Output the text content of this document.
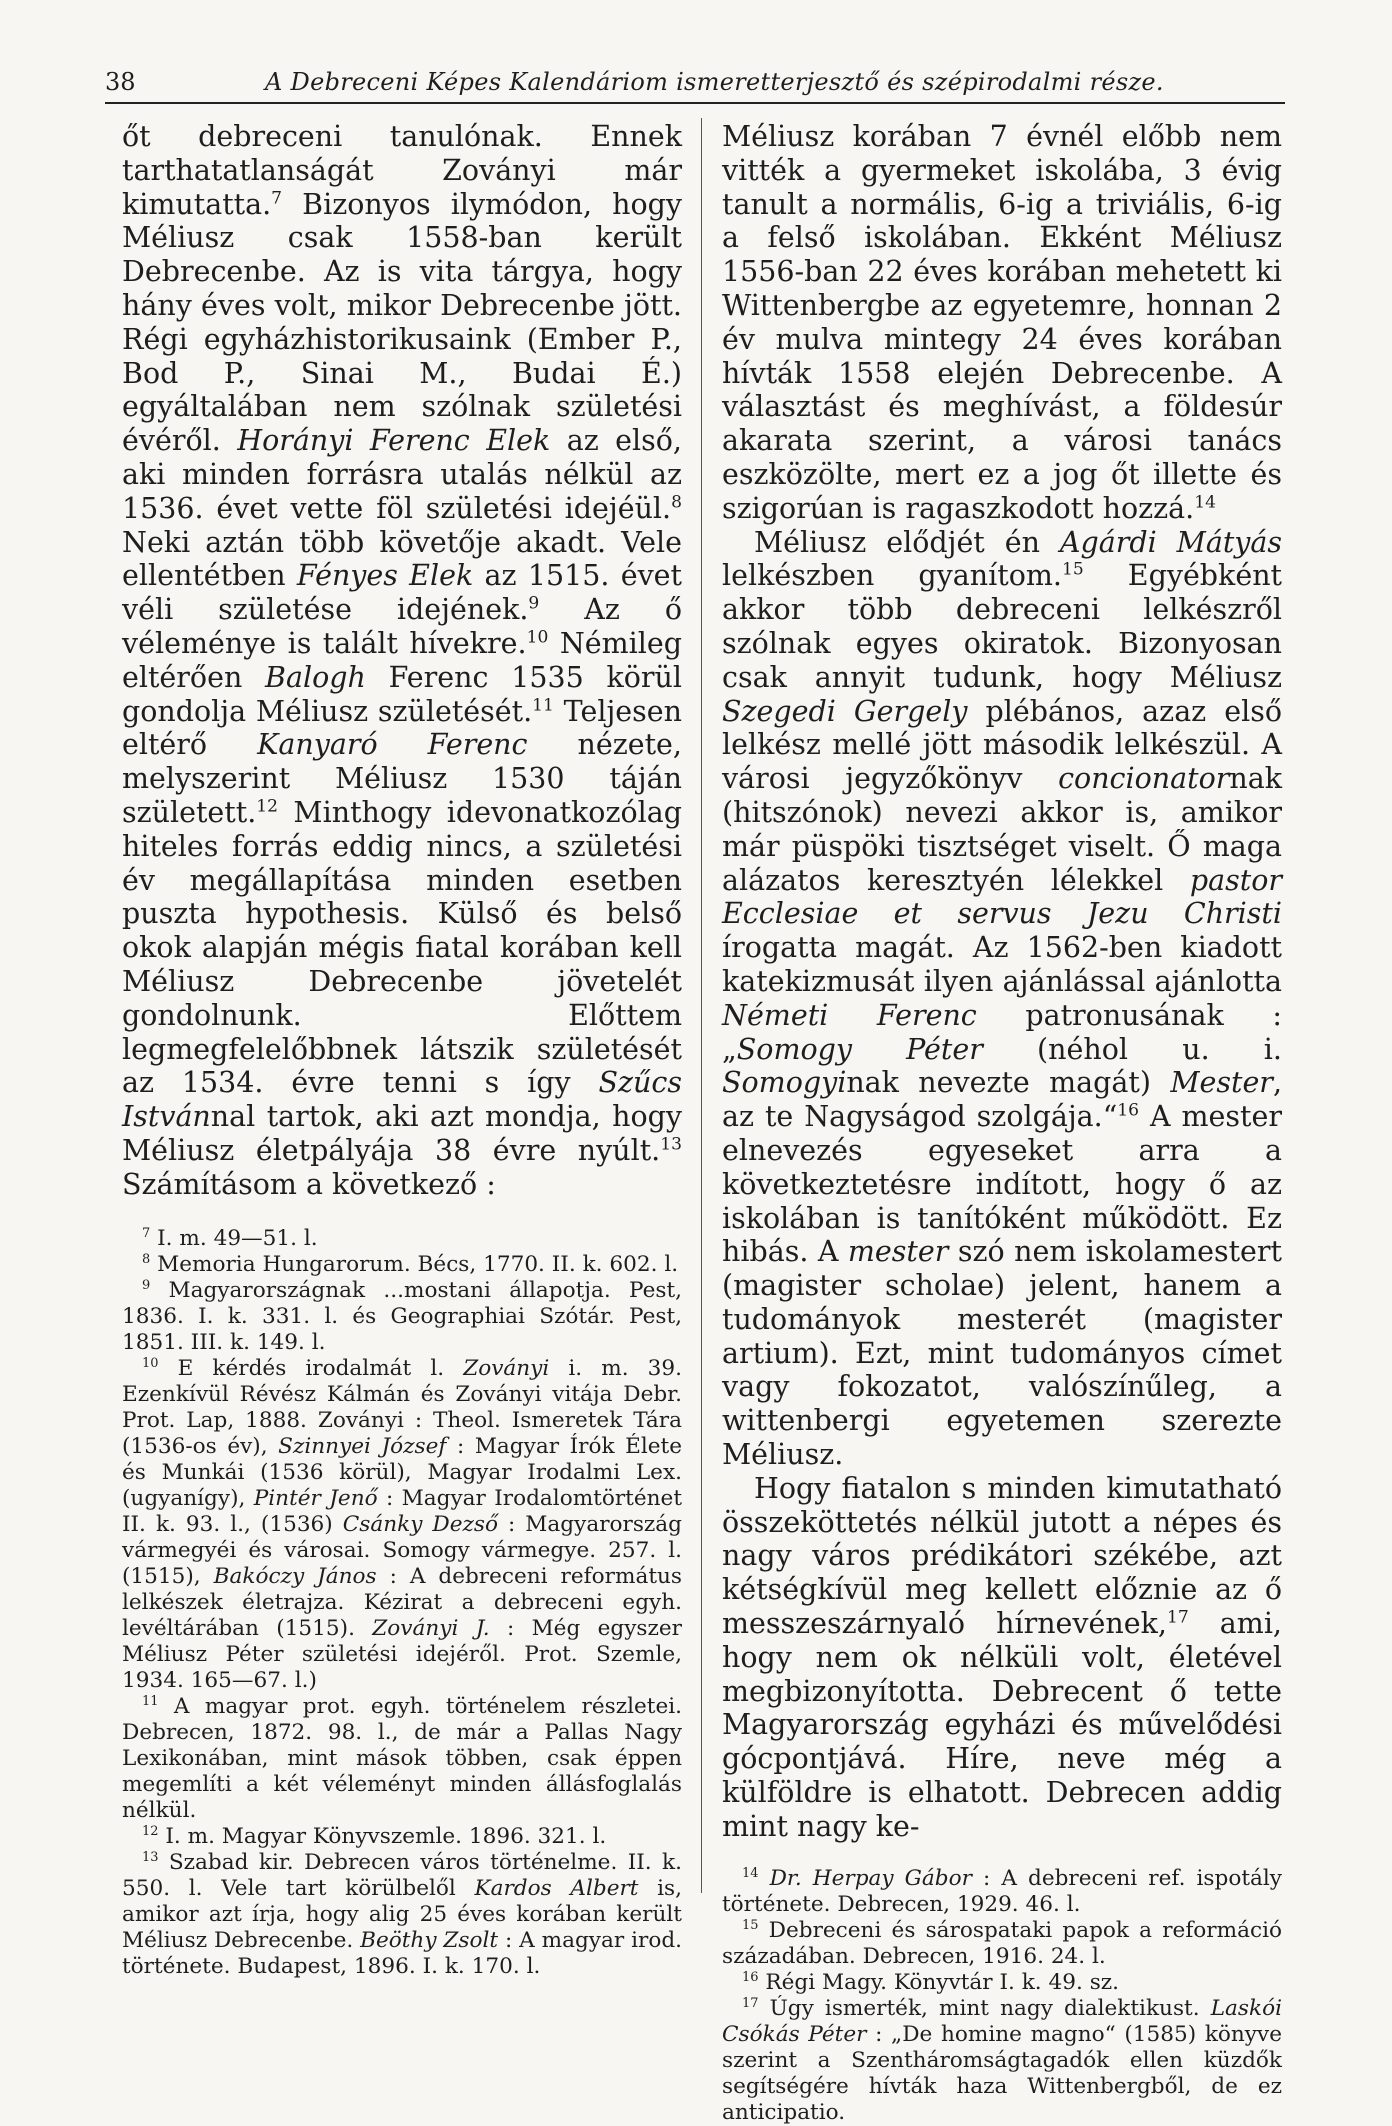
38	A Debreceni Képes Kalendáriom ismeretterjesztő és szépirodalmi része.

őt debreceni tanulónak. Ennek tarthatatlanságát Zoványi már kimutatta.$^7$ Bizonyos ilymódon, hogy Méliusz csak 1558-ban került Debrecenbe. Az is vita tárgya, hogy hány éves volt, mikor Debrecenbe jött. Régi egyházhistorikusaink (Ember P., Bod P., Sinai M., Budai É.) egyáltalában nem szólnak születési évéről. Horányi Ferenc Elek az első, aki minden forrásra utalás nélkül az 1536. évet vette föl születési idejéül.$^8$ Neki aztán több követője akadt. Vele ellentétben Fényes Elek az 1515. évet véli születése idejének.$^9$ Az ő véleménye is talált hívekre.$^{10}$ Némileg eltérően Balogh Ferenc 1535 körül gondolja Méliusz születését.$^{11}$ Teljesen eltérő Kanyaró Ferenc nézete, melyszerint Méliusz 1530 táján született.$^{12}$ Minthogy idevonatkozólag hiteles forrás eddig nincs, a születési év megállapítása minden esetben puszta hypothesis. Külső és belső okok alapján mégis fiatal korában kell Méliusz Debrecenbe jövetelét gondolnunk. Előttem legmegfelelőbbnek látszik születését az 1534. évre tenni s így Szűcs Istvánnal tartok, aki azt mondja, hogy Méliusz életpályája 38 évre nyúlt.$^{13}$ Számításom a következő :

$^7$ I. m. 49—51. l.

$^8$ Memoria Hungarorum. Bécs, 1770. II. k. 602. l.

$^9$ Magyarországnak ...mostani állapotja. Pest, 1836. I. k. 331. l. és Geographiai Szótár. Pest, 1851. III. k. 149. l.

$^{10}$ E kérdés irodalmát l. Zoványi i. m. 39. Ezenkívül Révész Kálmán és Zoványi vitája Debr. Prot. Lap, 1888. Zoványi : Theol. Ismeretek Tára (1536-os év), Szinnyei József : Magyar Írók Élete és Munkái (1536 körül), Magyar Irodalmi Lex. (ugyanígy), Pintér Jenő : Magyar Irodalomtörténet II. k. 93. l., (1536) Csánky Dezső : Magyarország vármegyéi és városai. Somogy vármegye. 257. l. (1515), Bakóczy János : A debreceni református lelkészek életrajza. Kézirat a debreceni egyh. levéltárában (1515). Zoványi J. : Még egyszer Méliusz Péter születési idejéről. Prot. Szemle, 1934. 165—67. l.)

$^{11}$ A magyar prot. egyh. történelem részletei. Debrecen, 1872. 98. l., de már a Pallas Nagy Lexikonában, mint mások többen, csak éppen megemlíti a két véleményt minden állásfoglalás nélkül.

$^{12}$ I. m. Magyar Könyvszemle. 1896. 321. l.

$^{13}$ Szabad kir. Debrecen város történelme. II. k. 550. l. Vele tart körülbelől Kardos Albert is, amikor azt írja, hogy alig 25 éves korában került Méliusz Debrecenbe. Beöthy Zsolt : A magyar irod. története. Budapest, 1896. I. k. 170. l.

Méliusz korában 7 évnél előbb nem vitték a gyermeket iskolába, 3 évig tanult a normális, 6-ig a triviális, 6-ig a felső iskolában. Ekként Méliusz 1556-ban 22 éves korában mehetett ki Wittenbergbe az egyetemre, honnan 2 év mulva mintegy 24 éves korában hívták 1558 elején Debrecenbe. A választást és meghívást, a földesúr akarata szerint, a városi tanács eszközölte, mert ez a jog őt illette és szigorúan is ragaszkodott hozzá.$^{14}$

Méliusz elődjét én Agárdi Mátyás lelkészben gyanítom.$^{15}$ Egyébként akkor több debreceni lelkészről szólnak egyes okiratok. Bizonyosan csak annyit tudunk, hogy Méliusz Szegedi Gergely plébános, azaz első lelkész mellé jött második lelkészül. A városi jegyzőkönyv concionatornak (hitszónok) nevezi akkor is, amikor már püspöki tisztséget viselt. Ő maga alázatos keresztyén lélekkel pastor Ecclesiae et servus Jezu Christi írogatta magát. Az 1562-ben kiadott katekizmusát ilyen ajánlással ajánlotta Németi Ferenc patronusának : „Somogy Péter (néhol u. i. Somogyinak nevezte magát) Mester, az te Nagyságod szolgája.“$^{16}$ A mester elnevezés egyeseket arra a következtetésre indított, hogy ő az iskolában is tanítóként működött. Ez hibás. A mester szó nem iskolamestert (magister scholae) jelent, hanem a tudományok mesterét (magister artium). Ezt, mint tudományos címet vagy fokozatot, valószínűleg, a wittenbergi egyetemen szerezte Méliusz.

Hogy fiatalon s minden kimutatható összeköttetés nélkül jutott a népes és nagy város prédikátori székébe, azt kétségkívül meg kellett előznie az ő messzeszárnyaló hírnevének,$^{17}$ ami, hogy nem ok nélküli volt, életével megbizonyította. Debrecent ő tette Magyarország egyházi és művelődési gócpontjává. Híre, neve még a külföldre is elhatott. Debrecen addig mint nagy ke-

$^{14}$ Dr. Herpay Gábor : A debreceni ref. ispotály története. Debrecen, 1929. 46. l.

$^{15}$ Debreceni és sárospataki papok a reformáció századában. Debrecen, 1916. 24. l.

$^{16}$ Régi Magy. Könyvtár I. k. 49. sz.

$^{17}$ Úgy ismerték, mint nagy dialektikust. Laskói Csókás Péter : „De homine magno“ (1585) könyve szerint a Szentháromságtagadók ellen küzdők segítségére hívták haza Wittenbergből, de ez anticipatio.
